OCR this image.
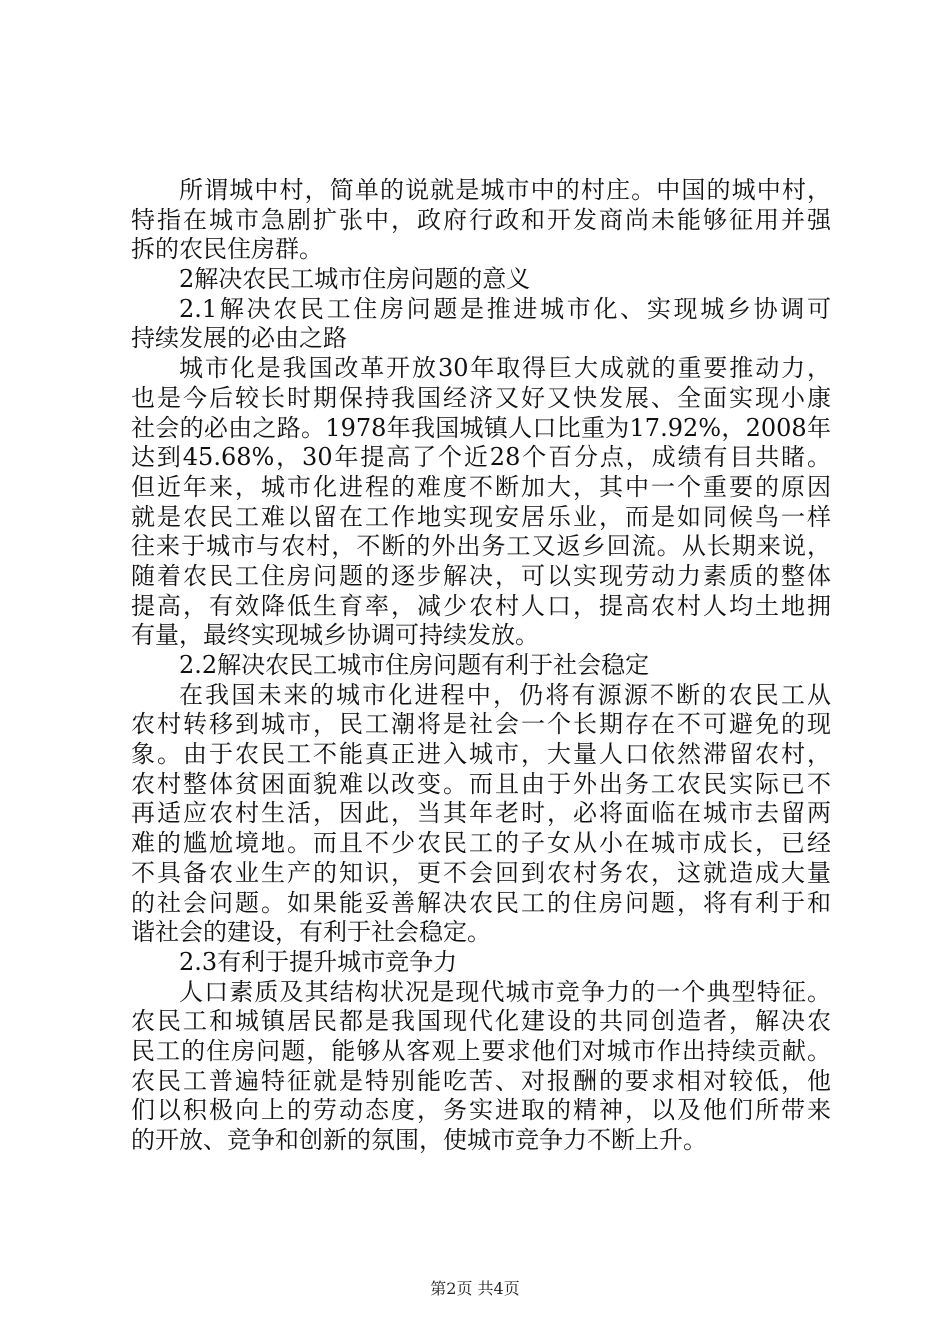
所谓城中村，简单的说就是城市中的村庄。中国的城中村，
特指在城市急剧扩张中，政府行政和开发商尚未能够征用并强
拆的农民住房群。
2解决农民工城市住房问题的意义
2.1解决农民工住房问题是推进城市化、实现城乡协调可
持续发展的必由之路
城市化是我国改革开放30年取得巨大成就的重要推动力，
也是今后较长时期保持我国经济又好又快发展、全面实现小康
社会的必由之路。1978年我国城镇人口比重为17.92%，2008年
达到45.68%，30年提高了个近28个百分点，成绩有目共睹。
但近年来，城市化进程的难度不断加大，其中一个重要的原因
就是农民工难以留在工作地实现安居乐业，而是如同候鸟一样
往来于城市与农村，不断的外出务工又返乡回流。从长期来说，
随着农民工住房问题的逐步解决，可以实现劳动力素质的整体
提高，有效降低生育率，减少农村人口，提高农村人均土地拥
有量，最终实现城乡协调可持续发放。
2.2解决农民工城市住房问题有利于社会稳定
在我国未来的城市化进程中，仍将有源源不断的农民工从
农村转移到城市，民工潮将是社会一个长期存在不可避免的现
象。由于农民工不能真正进入城市，大量人口依然滞留农村，
农村整体贫困面貌难以改变。而且由于外出务工农民实际已不
再适应农村生活，因此，当其年老时，必将面临在城市去留两
难的尴尬境地。而且不少农民工的子女从小在城市成长，已经
不具备农业生产的知识，更不会回到农村务农，这就造成大量
的社会问题。如果能妥善解决农民工的住房问题，将有利于和
谐社会的建设，有利于社会稳定。
2.3有利于提升城市竞争力
人口素质及其结构状况是现代城市竞争力的一个典型特征。
农民工和城镇居民都是我国现代化建设的共同创造者，解决农
民工的住房问题，能够从客观上要求他们对城市作出持续贡献。
农民工普遍特征就是特别能吃苦、对报酬的要求相对较低，他
们以积极向上的劳动态度，务实进取的精神，以及他们所带来
的开放、竞争和创新的氛围，使城市竞争力不断上升。
第2页 共4页
